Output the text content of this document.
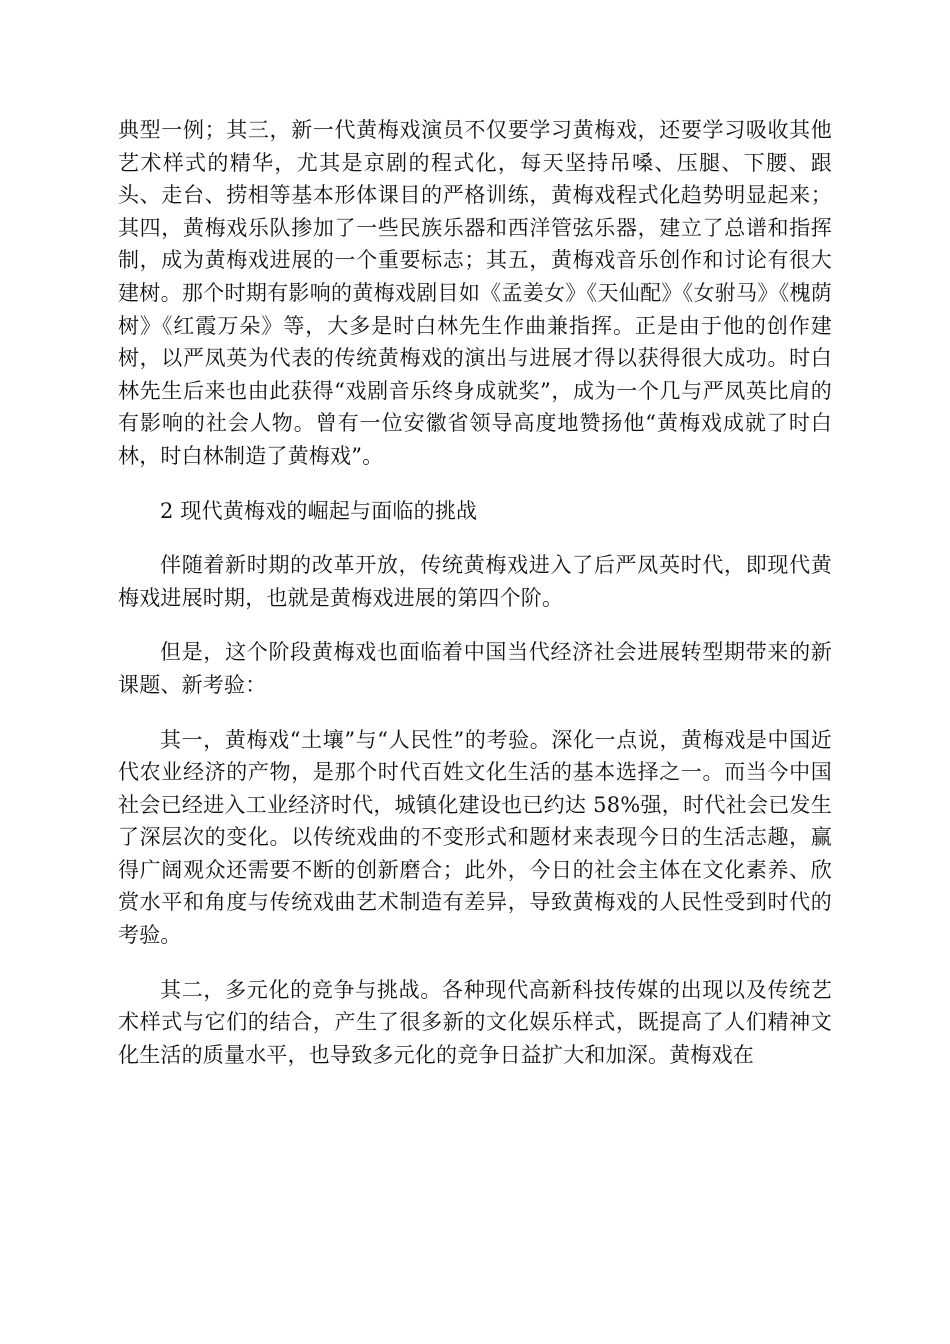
典型一例；其三，新一代黄梅戏演员不仅要学习黄梅戏，还要学习吸收其他艺术样式的精华，尤其是京剧的程式化，每天坚持吊嗓、压腿、下腰、跟头、走台、捞相等基本形体课目的严格训练，黄梅戏程式化趋势明显起来；其四，黄梅戏乐队掺加了一些民族乐器和西洋管弦乐器，建立了总谱和指挥制，成为黄梅戏进展的一个重要标志；其五，黄梅戏音乐创作和讨论有很大建树。那个时期有影响的黄梅戏剧目如《孟姜女》《天仙配》《女驸马》《槐荫树》《红霞万朵》等，大多是时白林先生作曲兼指挥。正是由于他的创作建树，以严凤英为代表的传统黄梅戏的演出与进展才得以获得很大成功。时白林先生后来也由此获得“戏剧音乐终身成就奖”，成为一个几与严凤英比肩的有影响的社会人物。曾有一位安徽省领导高度地赞扬他“黄梅戏成就了时白林，时白林制造了黄梅戏”。

2 现代黄梅戏的崛起与面临的挑战

伴随着新时期的改革开放，传统黄梅戏进入了后严凤英时代，即现代黄梅戏进展时期，也就是黄梅戏进展的第四个阶。

但是，这个阶段黄梅戏也面临着中国当代经济社会进展转型期带来的新课题、新考验：

其一，黄梅戏“土壤”与“人民性”的考验。深化一点说，黄梅戏是中国近代农业经济的产物，是那个时代百姓文化生活的基本选择之一。而当今中国社会已经进入工业经济时代，城镇化建设也已约达 58%强，时代社会已发生了深层次的变化。以传统戏曲的不变形式和题材来表现今日的生活志趣，赢得广阔观众还需要不断的创新磨合；此外，今日的社会主体在文化素养、欣赏水平和角度与传统戏曲艺术制造有差异，导致黄梅戏的人民性受到时代的考验。

其二，多元化的竞争与挑战。各种现代高新科技传媒的出现以及传统艺术样式与它们的结合，产生了很多新的文化娱乐样式，既提高了人们精神文化生活的质量水平，也导致多元化的竞争日益扩大和加深。黄梅戏在
